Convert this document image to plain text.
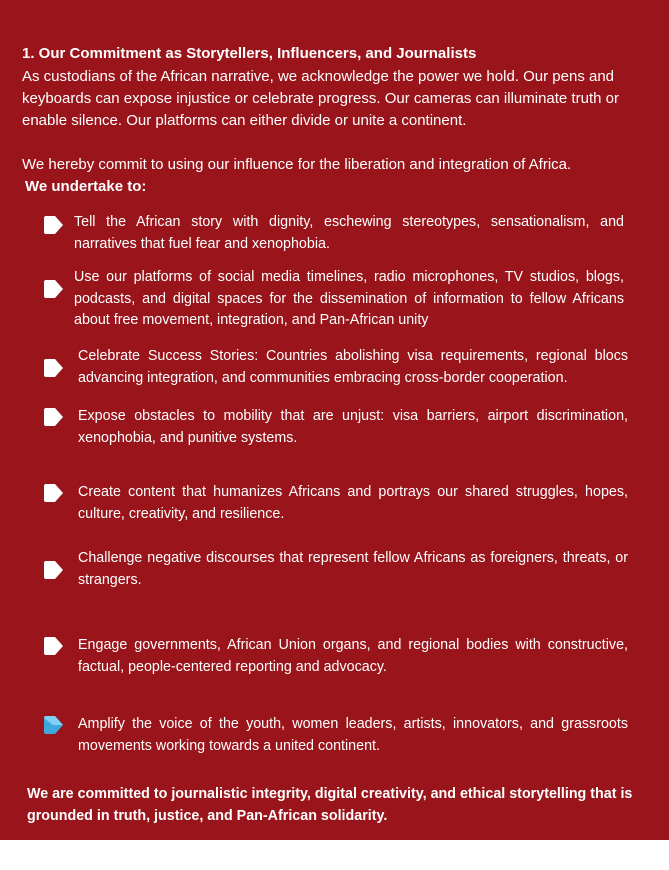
1. Our Commitment as Storytellers, Influencers, and Journalists
As custodians of the African narrative, we acknowledge the power we hold. Our pens and keyboards can expose injustice or celebrate progress. Our cameras can illuminate truth or enable silence. Our platforms can either divide or unite a continent.
We hereby commit to using our influence for the liberation and integration of Africa.
We undertake to:
Tell the African story with dignity, eschewing stereotypes, sensationalism, and narratives that fuel fear and xenophobia.
Use our platforms of social media timelines, radio microphones, TV studios, blogs, podcasts, and digital spaces for the dissemination of information to fellow Africans about free movement, integration, and Pan-African unity
Celebrate Success Stories: Countries abolishing visa requirements, regional blocs advancing integration, and communities embracing cross-border cooperation.
Expose obstacles to mobility that are unjust: visa barriers, airport discrimination, xenophobia, and punitive systems.
Create content that humanizes Africans and portrays our shared struggles, hopes, culture, creativity, and resilience.
Challenge negative discourses that represent fellow Africans as foreigners, threats, or strangers.
Engage governments, African Union organs, and regional bodies with constructive, factual, people-centered reporting and advocacy.
Amplify the voice of the youth, women leaders, artists, innovators, and grassroots movements working towards a united continent.
We are committed to journalistic integrity, digital creativity, and ethical storytelling that is grounded in truth, justice, and Pan-African solidarity.
